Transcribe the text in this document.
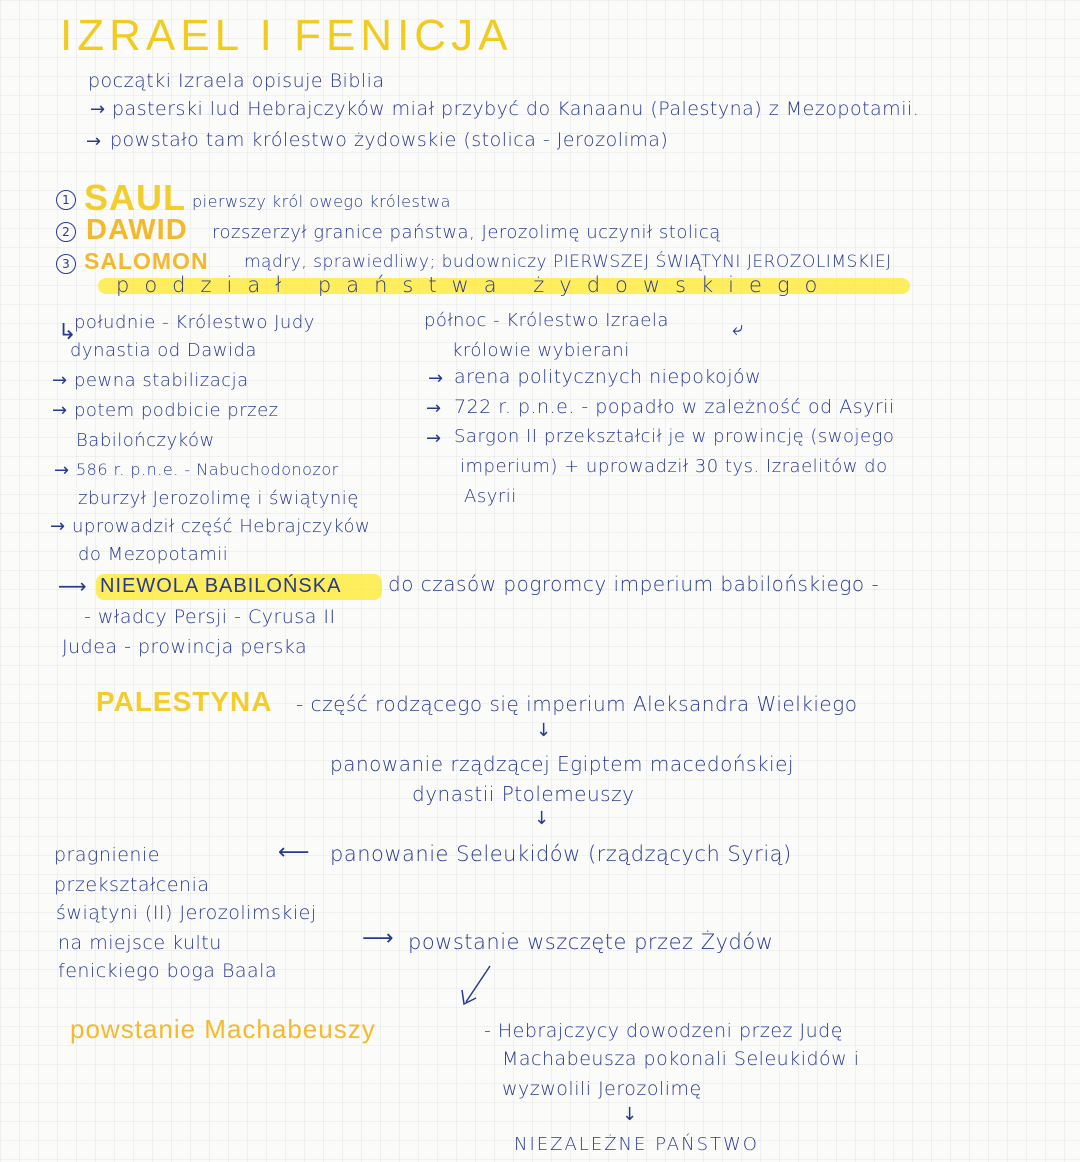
IZRAEL I FENICJA
początki Izraela opisuje Biblia
→ pasterski lud Hebrajczyków miał przybyć do Kanaanu (Palestyna) z Mezopotamii.
→ powstało tam królestwo żydowskie (stolica - Jerozolima)
1 SAUL pierwszy król owego królestwa
2 DAWID rozszerzył granice państwa, Jerozolimę uczynił stolicą
3 SALOMON mądry, sprawiedliwy; budowniczy PIERWSZEJ ŚWIĄTYNI JEROZOLIMSKIEJ
podział państwa żydowskiego
↳
południe - Królestwo Judy
dynastia od Dawida
→ pewna stabilizacja
→ potem podbicie przez
Babilończyków
→ 586 r. p.n.e. - Nabuchodonozor
zburzył Jerozolimę i świątynię
→ uprowadził część Hebrajczyków
do Mezopotamii
północ - Królestwo Izraela	⤶
królowie wybierani
→ arena politycznych niepokojów
→ 722 r. p.n.e. - popadło w zależność od Asyrii
→ Sargon II przekształcił je w prowincję (swojego
imperium) + uprowadził 30 tys. Izraelitów do
Asyrii
⟶ NIEWOLA BABILOŃSKA do czasów pogromcy imperium babilońskiego -
- władcy Persji - Cyrusa II
Judea - prowincja perska
PALESTYNA - część rodzącego się imperium Aleksandra Wielkiego
↓
panowanie rządzącej Egiptem macedońskiej
dynastii Ptolemeuszy
↓
⟵ panowanie Seleukidów (rządzących Syrią)
pragnienie
przekształcenia
świątyni (II) Jerozolimskiej
na miejsce kultu
fenickiego boga Baala
⟶ powstanie wszczęte przez Żydów
powstanie Machabeuszy	- Hebrajczycy dowodzeni przez Judę
Machabeusza pokonali Seleukidów i
wyzwolili Jerozolimę
↓
NIEZALEŻNE PAŃSTWO
